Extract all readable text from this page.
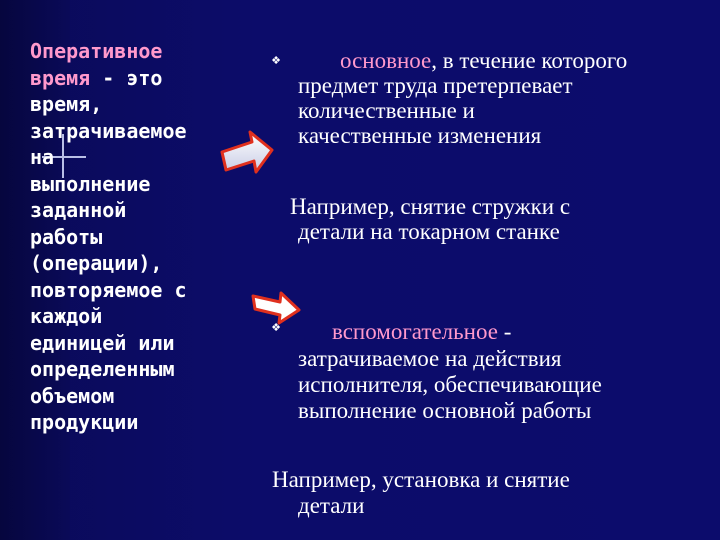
Оперативное
время - это
время,
затрачиваемое
на
выполнение
заданной
работы
(операции),
повторяемое с
каждой
единицей или
определенным
объемом
продукции
❖	основное, в течение которого
предмет труда претерпевает
количественные и
качественные изменения
Например, снятие стружки с
детали на токарном станке
❖ вспомогательное -
затрачиваемое на действия
исполнителя, обеспечивающие
выполнение основной работы
Например, установка и снятие
детали
